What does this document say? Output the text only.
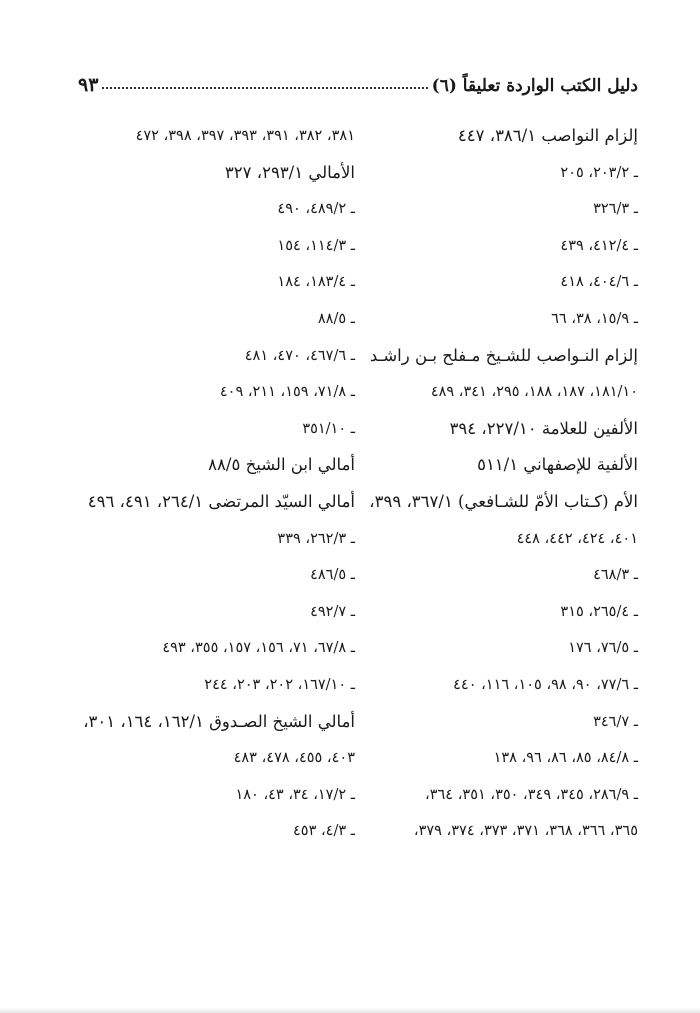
دليل الكتب الواردة تعليقاً (٦)
٩٣
إلزام النواصب ٣٨٦/١، ٤٤٧
ـ ٢٠٣/٢، ٢٠٥
ـ ٣٢٦/٣
ـ ٤١٢/٤، ٤٣٩
ـ ٤٠٤/٦، ٤١٨
ـ ١٥/٩، ٣٨، ٦٦
إلزام النـواصب للشـيخ مـفلح بـن راشـد
١٨١/١٠، ١٨٧، ١٨٨، ٢٩٥، ٣٤١، ٤٨٩
الألفين للعلامة ٢٢٧/١٠، ٣٩٤
الألفية للإصفهاني ٥١١/١
الأم (كـتاب الأمّ للشـافعي) ٣٦٧/١، ٣٩٩،
٤٠١، ٤٢٤، ٤٤٢، ٤٤٨
ـ ٤٦٨/٣
ـ ٢٦٥/٤، ٣١٥
ـ ٧٦/٥، ١٧٦
ـ ٧٧/٦، ٩٠، ٩٨، ١٠٥، ١١٦، ٤٤٠
ـ ٣٤٦/٧
ـ ٨٤/٨، ٨٥، ٨٦، ٩٦، ١٣٨
ـ ٢٨٦/٩، ٣٤٥، ٣٤٩، ٣٥٠، ٣٥١، ٣٦٤،
٣٦٥، ٣٦٦، ٣٦٨، ٣٧١، ٣٧٣، ٣٧٤، ٣٧٩،
٣٨١، ٣٨٢، ٣٩١، ٣٩٣، ٣٩٧، ٣٩٨، ٤٧٢
الأمالي ٢٩٣/١، ٣٢٧
ـ ٤٨٩/٢، ٤٩٠
ـ ١١٤/٣، ١٥٤
ـ ١٨٣/٤، ١٨٤
ـ ٨٨/٥
ـ ٤٦٧/٦، ٤٧٠، ٤٨١
ـ ٧١/٨، ١٥٩، ٢١١، ٤٠٩
ـ ٣٥١/١٠
أمالي ابن الشيخ ٨٨/٥
أمالي السيّد المرتضى ٢٦٤/١، ٤٩١، ٤٩٦
ـ ٢٦٢/٣، ٣٣٩
ـ ٤٨٦/٥
ـ ٤٩٢/٧
ـ ٦٧/٨، ٧١، ١٥٦، ١٥٧، ٣٥٥، ٤٩٣
ـ ١٦٧/١٠، ٢٠٢، ٢٠٣، ٢٤٤
أمالي الشيخ الصـدوق ١٦٢/١، ١٦٤، ٣٠١،
٤٠٣، ٤٥٥، ٤٧٨، ٤٨٣
ـ ١٧/٢، ٣٤، ٤٣، ١٨٠
ـ ٤/٣، ٤٥٣
